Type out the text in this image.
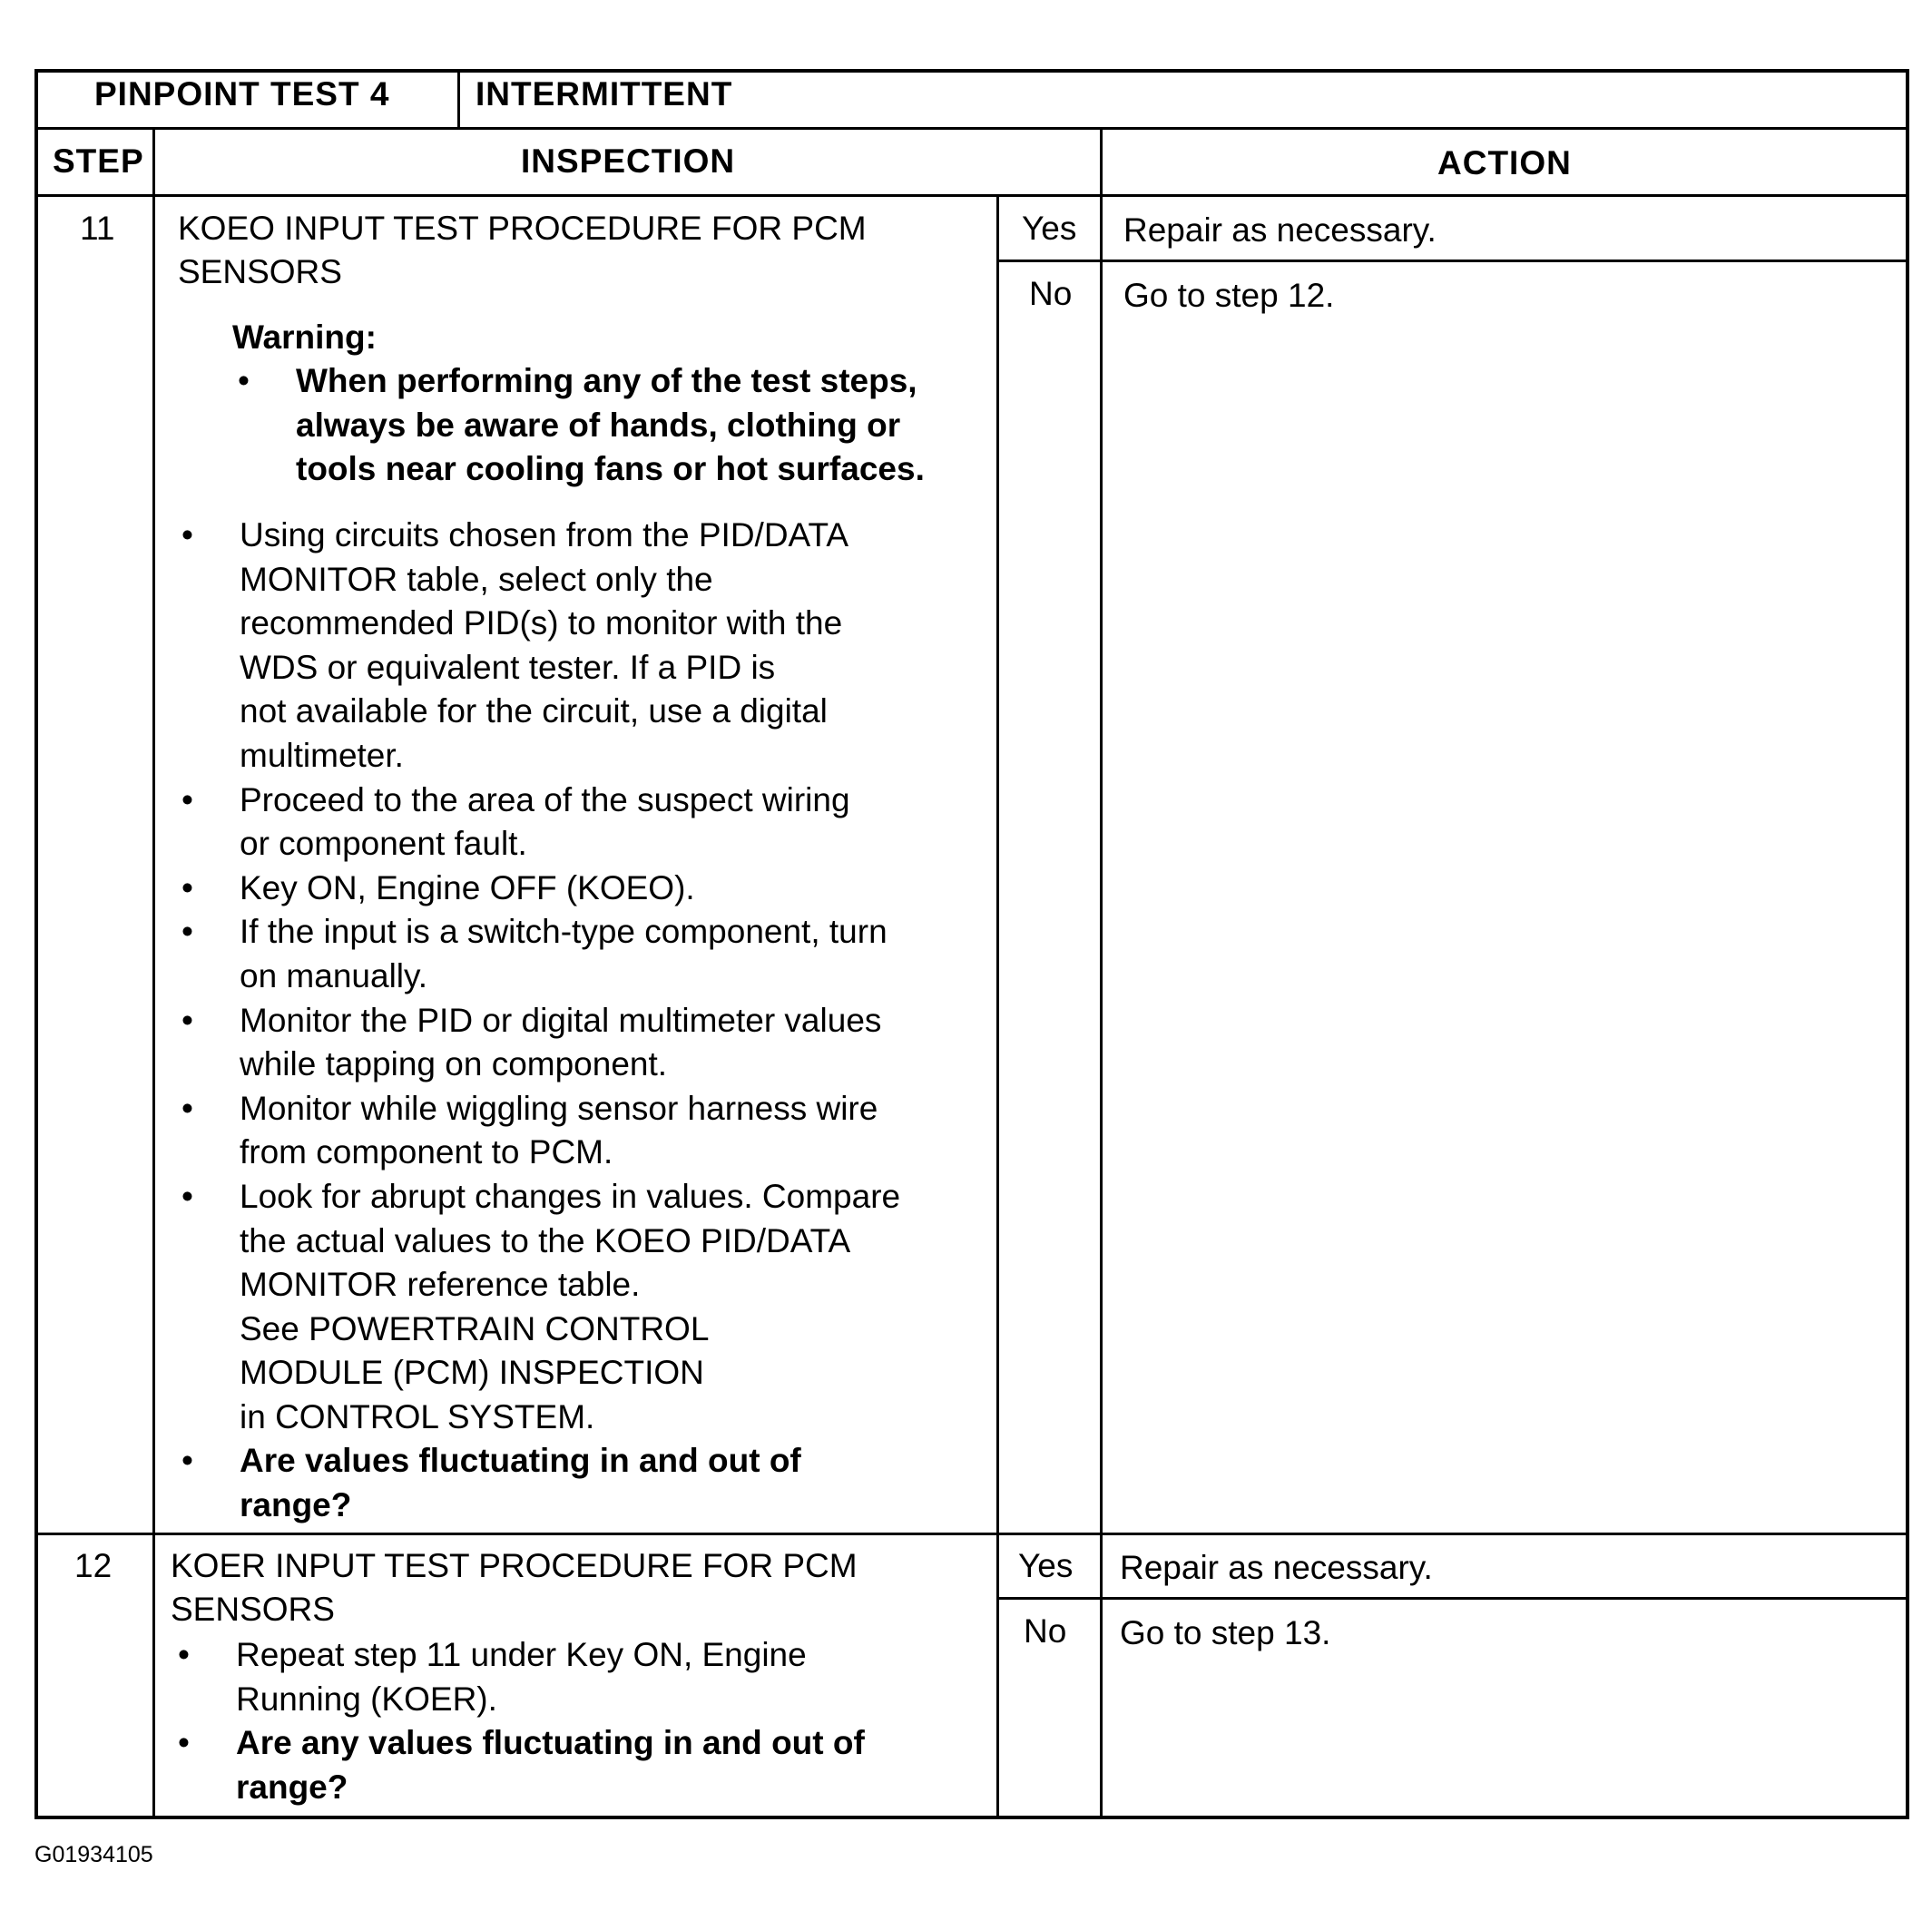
PINPOINT TEST 4	INTERMITTENT
STEP	INSPECTION	ACTION
11 KOEO INPUT TEST PROCEDURE FOR PCM
SENSORS
Warning:
• When performing any of the test steps,
always be aware of hands, clothing or
tools near cooling fans or hot surfaces.
• Using circuits chosen from the PID/DATA
MONITOR table, select only the
recommended PID(s) to monitor with the
WDS or equivalent tester. If a PID is
not available for the circuit, use a digital
multimeter.
• Proceed to the area of the suspect wiring
or component fault.
• Key ON, Engine OFF (KOEO).
• If the input is a switch-type component, turn
on manually.
• Monitor the PID or digital multimeter values
while tapping on component.
• Monitor while wiggling sensor harness wire
from component to PCM.
• Look for abrupt changes in values. Compare
the actual values to the KOEO PID/DATA
MONITOR reference table.
See POWERTRAIN CONTROL
MODULE (PCM) INSPECTION
in CONTROL SYSTEM.
• Are values fluctuating in and out of
range?
Yes Repair as necessary.
No Go to step 12.
12 KOER INPUT TEST PROCEDURE FOR PCM
SENSORS
• Repeat step 11 under Key ON, Engine
Running (KOER).
• Are any values fluctuating in and out of
range?
Yes Repair as necessary.
No Go to step 13.
G01934105
